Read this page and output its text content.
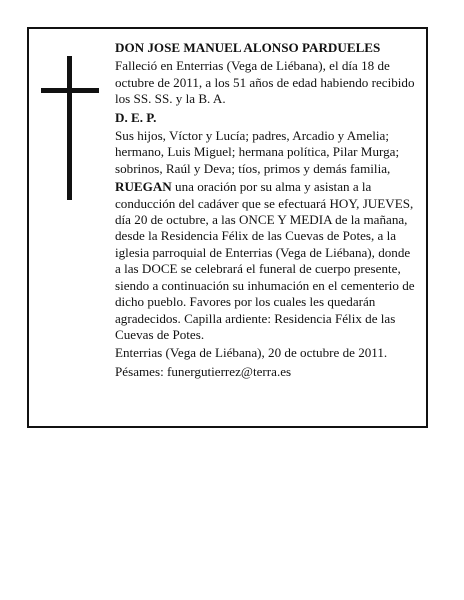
DON JOSE MANUEL ALONSO PARDUELES

Falleció en Enterrias (Vega de Liébana), el día 18 de octubre de 2011, a los 51 años de edad habiendo recibido los SS. SS. y la B. A.

D. E. P.

Sus hijos, Víctor y Lucía; padres, Arcadio y Amelia; hermano, Luis Miguel; hermana política, Pilar Murga; sobrinos, Raúl y Deva; tíos, primos y demás familia,

RUEGAN una oración por su alma y asistan a la conducción del cadáver que se efectuará HOY, JUEVES, día 20 de octubre, a las ONCE Y MEDIA de la mañana, desde la Residencia Félix de las Cuevas de Potes, a la iglesia parroquial de Enterrias (Vega de Liébana), donde a las DOCE se celebrará el funeral de cuerpo presente, siendo a continuación su inhumación en el cementerio de dicho pueblo. Favores por los cuales les quedarán agradecidos. Capilla ardiente: Residencia Félix de las Cuevas de Potes.

Enterrias (Vega de Liébana), 20 de octubre de 2011.

Pésames: funergutierrez@terra.es
